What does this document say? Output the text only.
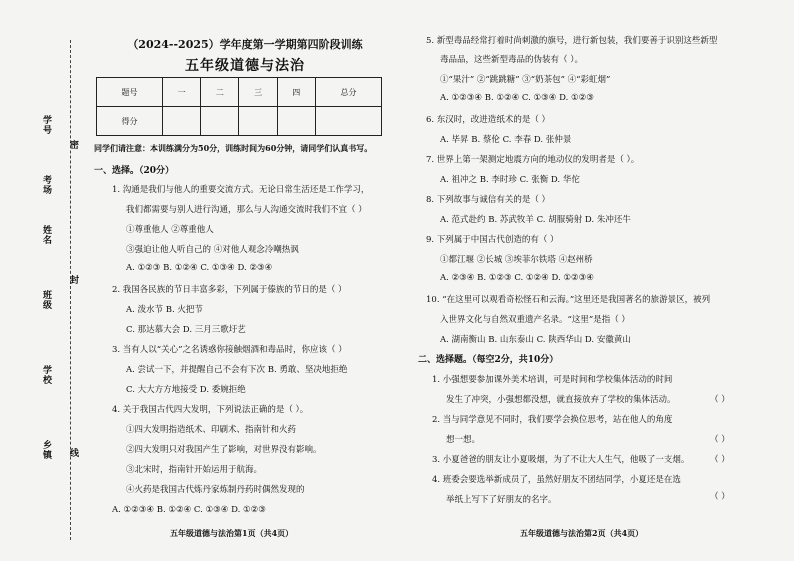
学号
考场
姓名
班级
学校
乡镇
密
封
线
（2024--2025）学年度第一学期第四阶段训练
五年级道德与法治
题号	一	二	三	四	总分
得分					
同学们请注意：本训练满分为50分，训练时间为60分钟，请同学们认真书写。
一、选择。（20分）
1. 沟通是我们与他人的重要交流方式。无论日常生活还是工作学习，
我们都需要与别人进行沟通，那么与人沟通交流时我们不宜（ ）
①尊重他人 ②尊重他人
③强迫让他人听自己的 ④对他人观念冷嘲热讽
A. ①②③ B. ①②④ C. ①③④ D. ②③④
2. 我国各民族的节日丰富多彩，下列属于傣族的节日的是（ ）
A. 泼水节 B. 火把节
C. 那达慕大会 D. 三月三歌圩艺
3. 当有人以“关心”之名诱惑你接触烟酒和毒品时，你应该（ ）
A. 尝试一下，并提醒自己不会有下次 B. 勇敢、坚决地拒绝
C. 大大方方地接受 D. 委婉拒绝
4. 关于我国古代四大发明，下列说法正确的是（ ）。
①四大发明指造纸术、印刷术、指南针和火药
②四大发明只对我国产生了影响，对世界没有影响。
③北宋时，指南针开始运用于航海。
④火药是我国古代炼丹家炼制丹药时偶然发现的
A. ①②③④ B. ①②④ C. ①③④ D. ①②③
5. 新型毒品经常打着时尚刺激的旗号，进行新包装，我们要善于识别这些新型
毒品品，这些新型毒品的伪装有（ ）。
①“果汁” ②“跳跳糖” ③“奶茶包” ④“彩虹烟”
A. ①②③④ B. ①②④ C. ①③④ D. ①②③
6. 东汉时，改进造纸术的是（ ）
A. 毕昇 B. 蔡伦 C. 李春 D. 张仲景
7. 世界上第一架测定地震方向的地动仪的发明者是（ ）。
A. 祖冲之 B. 李时珍 C. 张衡 D. 华佗
8. 下列故事与诚信有关的是（ ）
A. 范式赴约 B. 苏武牧羊 C. 胡服骑射 D. 朱冲还牛
9. 下列属于中国古代创造的有（ ）
①都江堰 ②长城 ③埃菲尔铁塔 ④赵州桥
A. ②③④ B. ①②③ C. ①②④ D. ①②③④
10. “在这里可以观看奇松怪石和云海。”这里还是我国著名的旅游景区，被列
入世界文化与自然双重遗产名录。“这里”是指（ ）
A. 湖南衡山 B. 山东泰山 C. 陕西华山 D. 安徽黄山
二、选择题。（每空2分，共10分）
1. 小强想要参加课外美术培训，可是时间和学校集体活动的时间
发生了冲突，小强想都没想，就直接放弃了学校的集体活动。	（ ）
2. 当与同学意见不同时，我们要学会换位思考，站在他人的角度
想一想。	（ ）
3. 小夏爸爸的朋友让小夏吸烟，为了不让大人生气，他吸了一支烟。 （ ）
4. 班委会要选举新成员了，虽然好朋友不团结同学，小夏还是在选
举纸上写下了好朋友的名字。	（ ）
五年级道德与法治第1页（共4页）	五年级道德与法治第2页（共4页）
